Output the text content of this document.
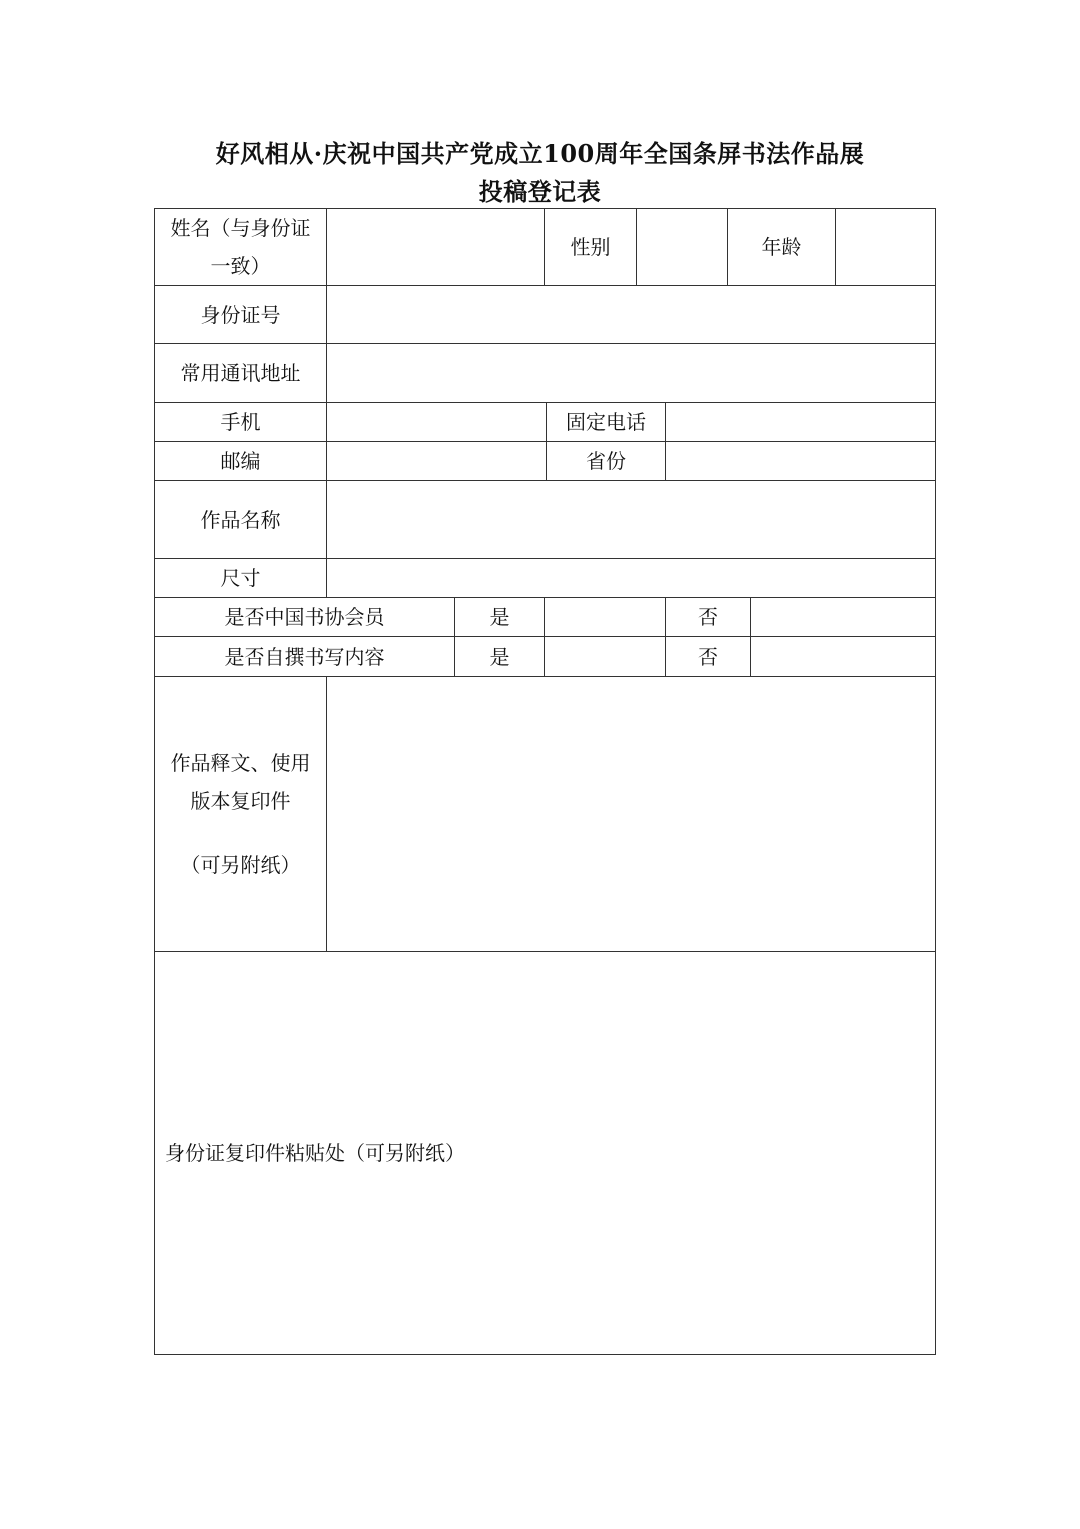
好风相从·庆祝中国共产党成立100周年全国条屏书法作品展
投稿登记表
姓名（与身份证
一致）
性别	年龄
身份证号
常用通讯地址
手机	固定电话
邮编	省份
作品名称
尺寸
是否中国书协会员	是	否
是否自撰书写内容	是	否
作品释文、使用
版本复印件
（可另附纸）
身份证复印件粘贴处（可另附纸）
